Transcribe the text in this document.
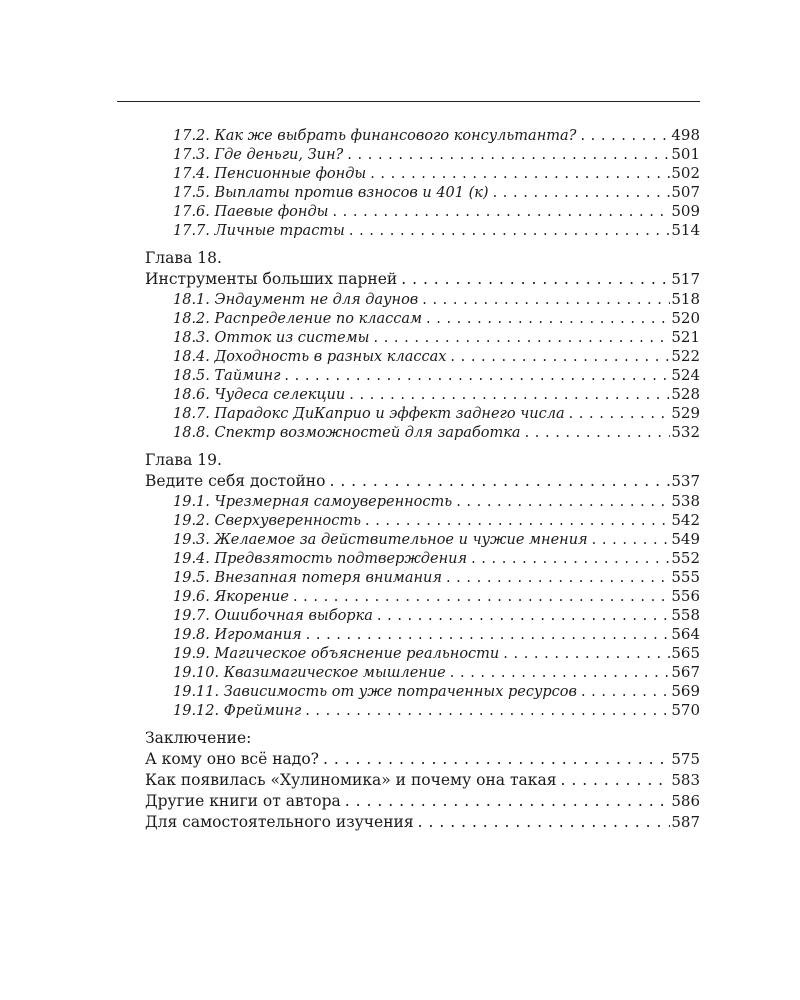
17.2. Как же выбрать финансового консультанта? . . .	498
17.3. Где деньги, Зин? . . .	501
17.4. Пенсионные фонды . . .	502
17.5. Выплаты против взносов и 401 (к) . . .	507
17.6. Паевые фонды . . .	509
17.7. Личные трасты . . .	514
Глава 18.
Инструменты больших парней . . .	517
18.1. Эндаумент не для даунов . . .	518
18.2. Распределение по классам . . .	520
18.3. Отток из системы . . .	521
18.4. Доходность в разных классах . . .	522
18.5. Тайминг . . .	524
18.6. Чудеса селекции . . .	528
18.7. Парадокс ДиКаприо и эффект заднего числа . . .	529
18.8. Спектр возможностей для заработка . . .	532
Глава 19.
Ведите себя достойно . . .	537
19.1. Чрезмерная самоуверенность . . .	538
19.2. Сверхуверенность . . .	542
19.3. Желаемое за действительное и чужие мнения . . .	549
19.4. Предвзятость подтверждения . . .	552
19.5. Внезапная потеря внимания . . .	555
19.6. Якорение . . .	556
19.7. Ошибочная выборка . . .	558
19.8. Игромания . . .	564
19.9. Магическое объяснение реальности . . .	565
19.10. Квазимагическое мышление . . .	567
19.11. Зависимость от уже потраченных ресурсов . . .	569
19.12. Фрейминг . . .	570
Заключение:
А кому оно всё надо? . . .	575
Как появилась «Хулиномика» и почему она такая . . .	583
Другие книги от автора . . .	586
Для самостоятельного изучения . . .	587
